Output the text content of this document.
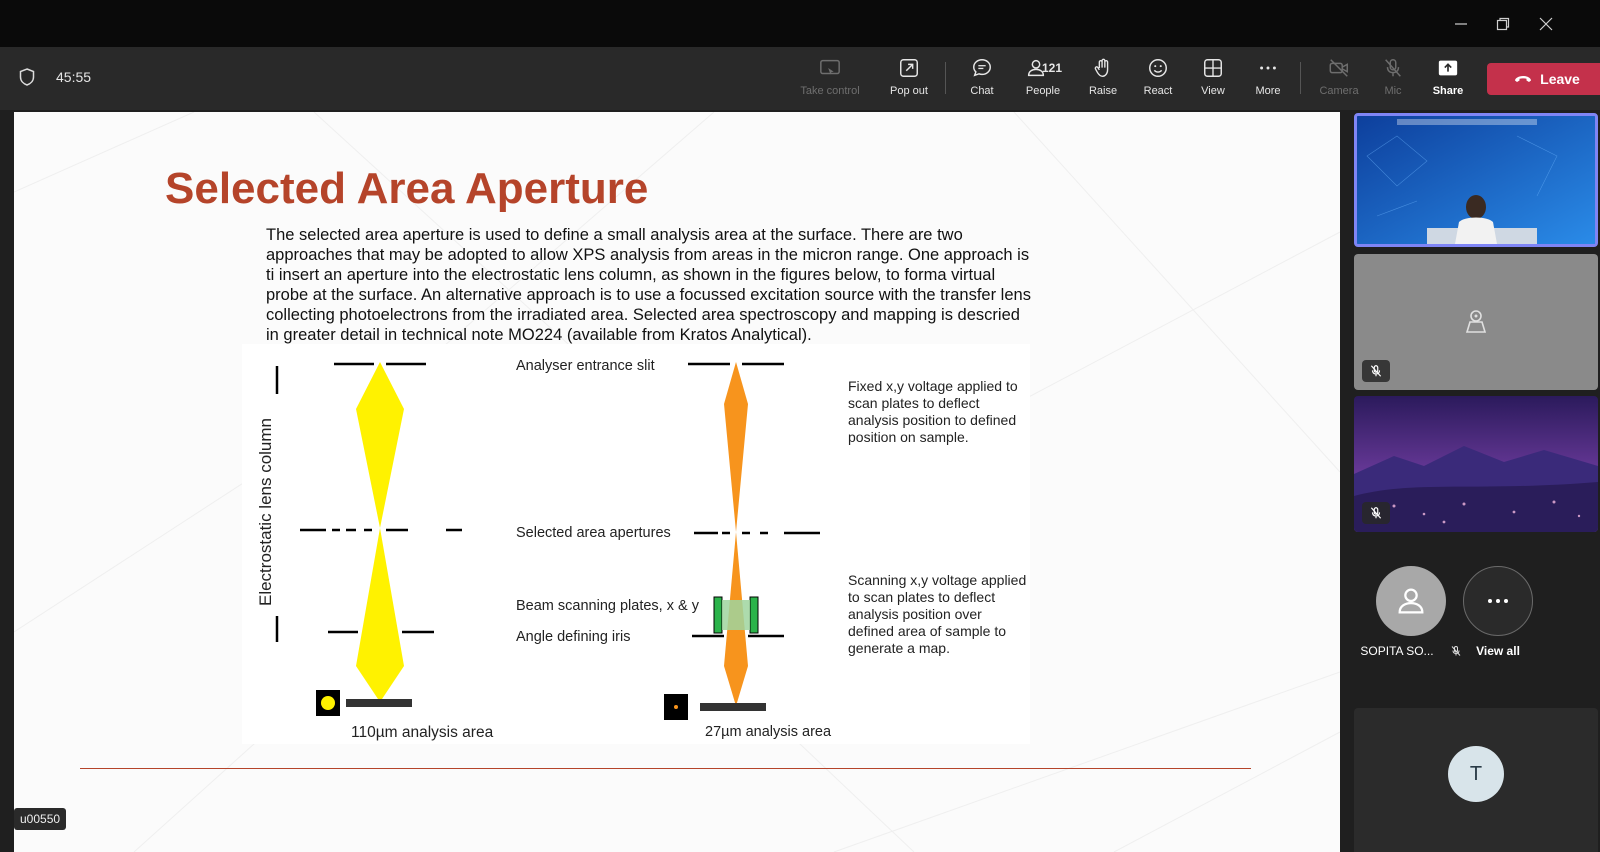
45:55
Take control	Pop out	Chat
121
People	Raise React	View	More	Camera Mic	Share
Leave
Selected Area Aperture
The selected area aperture is used to define a small analysis area at the surface. There are two approaches that may be adopted to allow XPS analysis from areas in the micron range. One approach is ti insert an aperture into the electrostatic lens column, as shown in the figures below, to forma virtual probe at the surface. An alternative approach is to use a focussed excitation source with the transfer lens collecting photoelectrons from the irradiated area. Selected area spectroscopy and mapping is descried in greater detail in technical note MO224 (available from Kratos Analytical).
Electrostatic lens column
Analyser entrance slit
Selected area apertures
Beam scanning plates, x & y
Angle defining iris
110µm analysis area	27µm analysis area
Fixed x,y voltage applied to scan plates to deflect analysis position to defined position on sample.
Scanning x,y voltage applied to scan plates to deflect analysis position over defined area of sample to generate a map.
u00550
SOPITA SO...	View all
T
